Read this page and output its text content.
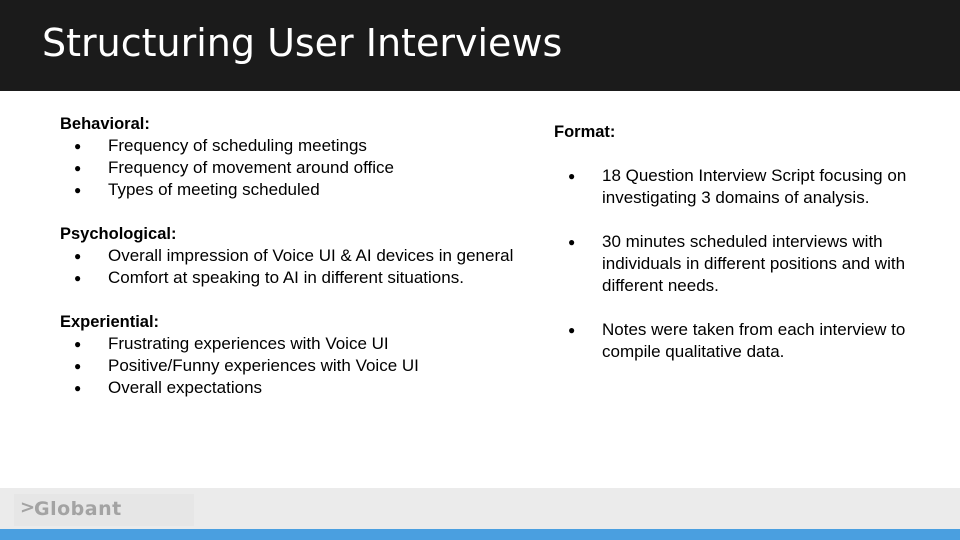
Structuring User Interviews
Behavioral:
● Frequency of scheduling meetings
● Frequency of movement around office
● Types of meeting scheduled
Psychological:
● Overall impression of Voice UI & AI devices in general
● Comfort at speaking to AI in different situations.
Experiential:
● Frustrating experiences with Voice UI
● Positive/Funny experiences with Voice UI
● Overall expectations
Format:
● 18 Question Interview Script focusing on investigating 3 domains of analysis.
● 30 minutes scheduled interviews with individuals in different positions and with different needs.
● Notes were taken from each interview to compile qualitative data.
>
Globant
